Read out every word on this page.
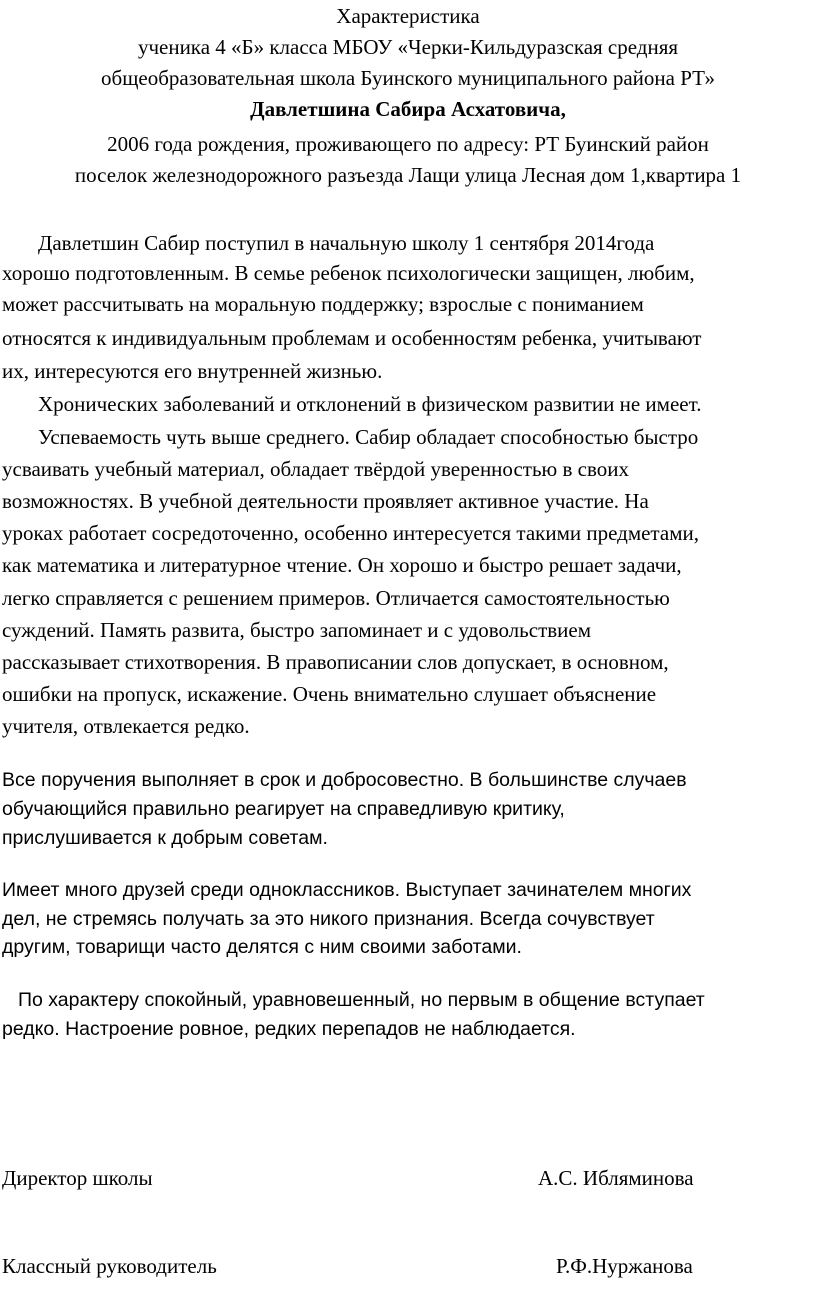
Характеристика

ученика 4 «Б» класса МБОУ «Черки-Кильдуразская средняя

общеобразовательная школа Буинского муниципального района РТ»

Давлетшина Сабира Асхатовича,

2006 года рождения, проживающего по адресу: РТ Буинский район

поселок железнодорожного разъезда Лащи улица Лесная дом 1,квартира 1

Давлетшин Сабир поступил в начальную школу 1 сентября 2014года

хорошо подготовленным. В семье ребенок психологически защищен, любим,

может рассчитывать на моральную поддержку; взрослые с пониманием

относятся к индивидуальным проблемам и особенностям ребенка, учитывают

их, интересуются его внутренней жизнью.

Хронических заболеваний и отклонений в физическом развитии не имеет.

Успеваемость чуть выше среднего. Сабир обладает способностью быстро

усваивать учебный материал, обладает твёрдой уверенностью в своих

возможностях. В учебной деятельности проявляет активное участие. На

уроках работает сосредоточенно, особенно интересуется такими предметами,

как математика и литературное чтение. Он хорошо и быстро решает задачи,

легко справляется с решением примеров. Отличается самостоятельностью

суждений. Память развита, быстро запоминает и с удовольствием

рассказывает стихотворения. В правописании слов допускает, в основном,

ошибки на пропуск, искажение. Очень внимательно слушает объяснение

учителя, отвлекается редко.

Все поручения выполняет в срок и добросовестно. В большинстве случаев

обучающийся правильно реагирует на справедливую критику,

прислушивается к добрым советам.

Имеет много друзей среди одноклассников. Выступает зачинателем многих

дел, не стремясь получать за это никого признания. Всегда сочувствует

другим, товарищи часто делятся с ним своими заботами.

По характеру спокойный, уравновешенный, но первым в общение вступает

редко. Настроение ровное, редких перепадов не наблюдается.

Директор школы	А.С. Ибляминова

Классный руководитель	Р.Ф.Нуржанова
